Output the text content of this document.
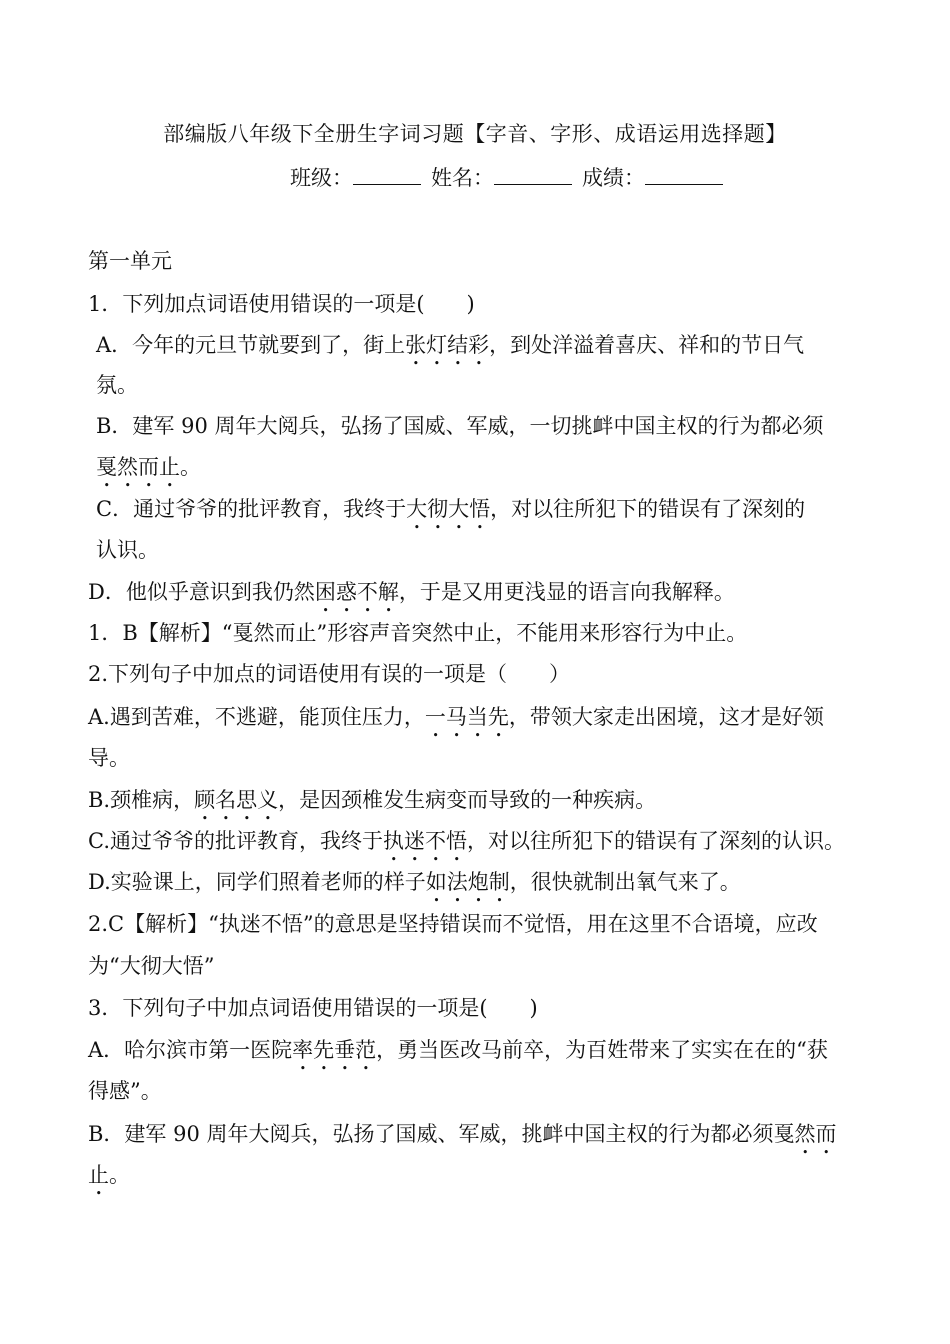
部编版八年级下全册生字词习题【字音、字形、成语运用选择题】
班级：	姓名：	成绩：
第一单元
1．下列加点词语使用错误的一项是(　　)
A．今年的元旦节就要到了，街上张灯结彩，到处洋溢着喜庆、祥和的节日气
氛。
B．建军 90 周年大阅兵，弘扬了国威、军威，一切挑衅中国主权的行为都必须
戛然而止。
C．通过爷爷的批评教育，我终于大彻大悟，对以往所犯下的错误有了深刻的
认识。
D．他似乎意识到我仍然困惑不解，于是又用更浅显的语言向我解释。
1．B【解析】“戛然而止”形容声音突然中止，不能用来形容行为中止。
2.下列句子中加点的词语使用有误的一项是（　　）
A.遇到苦难，不逃避，能顶住压力，一马当先，带领大家走出困境，这才是好领
导。
B.颈椎病，顾名思义，是因颈椎发生病变而导致的一种疾病。
C.通过爷爷的批评教育，我终于执迷不悟，对以往所犯下的错误有了深刻的认识。
D.实验课上，同学们照着老师的样子如法炮制，很快就制出氧气来了。
2.C【解析】“执迷不悟”的意思是坚持错误而不觉悟，用在这里不合语境，应改
为“大彻大悟”
3．下列句子中加点词语使用错误的一项是(　　)
A．哈尔滨市第一医院率先垂范，勇当医改马前卒，为百姓带来了实实在在的“获
得感”。
B．建军 90 周年大阅兵，弘扬了国威、军威，挑衅中国主权的行为都必须戛然而
止。
